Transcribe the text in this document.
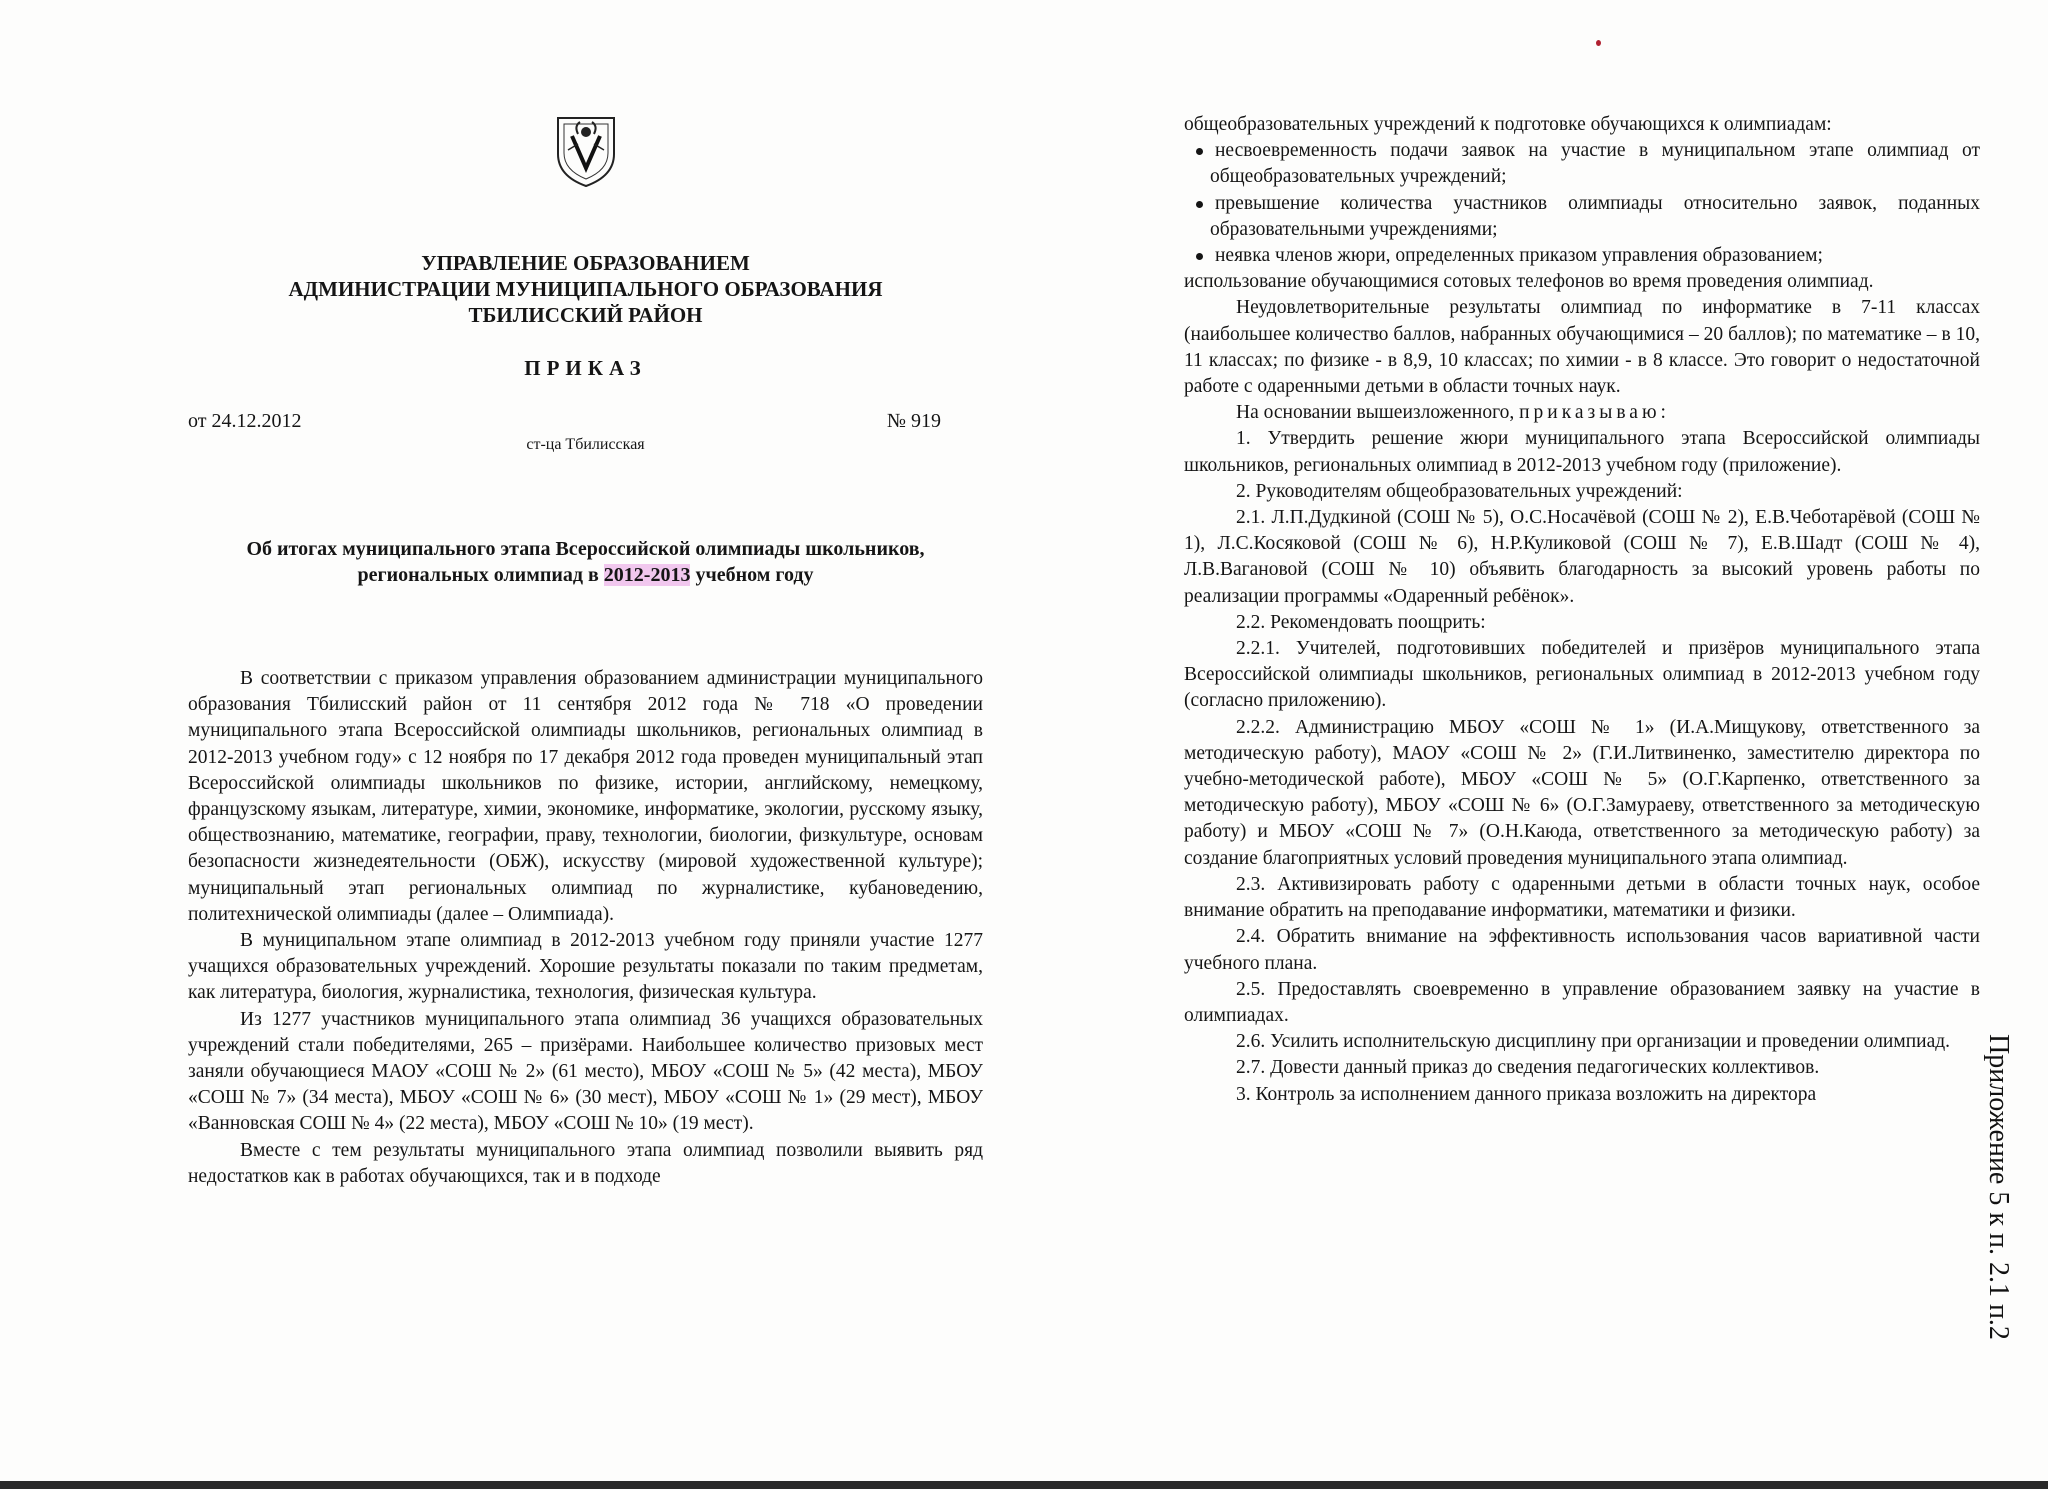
УПРАВЛЕНИЕ ОБРАЗОВАНИЕМ
АДМИНИСТРАЦИИ МУНИЦИПАЛЬНОГО ОБРАЗОВАНИЯ
ТБИЛИССКИЙ РАЙОН
ПРИКАЗ
от 24.12.2012	№ 919
ст-ца Тбилисская
Об итогах муниципального этапа Всероссийской олимпиады школьников,
региональных олимпиад в 2012-2013 учебном году

В соответствии с приказом управления образованием администрации муниципального образования Тбилисский район от 11 сентября 2012 года № 718 «О проведении муниципального этапа Всероссийской олимпиады школьников, региональных олимпиад в 2012-2013 учебном году» с 12 ноября по 17 декабря 2012 года проведен муниципальный этап Всероссийской олимпиады школьников по физике, истории, английскому, немецкому, французскому языкам, литературе, химии, экономике, информатике, экологии, русскому языку, обществознанию, математике, географии, праву, технологии, биологии, физкультуре, основам безопасности жизнедеятельности (ОБЖ), искусству (мировой художественной культуре); муниципальный этап региональных олимпиад по журналистике, кубановедению, политехнической олимпиады (далее – Олимпиада).

В муниципальном этапе олимпиад в 2012-2013 учебном году приняли участие 1277 учащихся образовательных учреждений. Хорошие результаты показали по таким предметам, как литература, биология, журналистика, технология, физическая культура.

Из 1277 участников муниципального этапа олимпиад 36 учащихся образовательных учреждений стали победителями, 265 – призёрами. Наибольшее количество призовых мест заняли обучающиеся МАОУ «СОШ № 2» (61 место), МБОУ «СОШ № 5» (42 места), МБОУ «СОШ № 7» (34 места), МБОУ «СОШ № 6» (30 мест), МБОУ «СОШ № 1» (29 мест), МБОУ «Ванновская СОШ № 4» (22 места), МБОУ «СОШ № 10» (19 мест).

Вместе с тем результаты муниципального этапа олимпиад позволили выявить ряд недостатков как в работах обучающихся, так и в подходе

общеобразовательных учреждений к подготовке обучающихся к олимпиадам:

несвоевременность подачи заявок на участие в муниципальном этапе олимпиад от общеобразовательных учреждений;

превышение количества участников олимпиады относительно заявок, поданных образовательными учреждениями;

неявка членов жюри, определенных приказом управления образованием;

использование обучающимися сотовых телефонов во время проведения олимпиад.

Неудовлетворительные результаты олимпиад по информатике в 7-11 классах (наибольшее количество баллов, набранных обучающимися – 20 баллов); по математике – в 10, 11 классах; по физике - в 8,9, 10 классах; по химии - в 8 классе. Это говорит о недостаточной работе с одаренными детьми в области точных наук.

На основании вышеизложенного, приказываю:

1. Утвердить решение жюри муниципального этапа Всероссийской олимпиады школьников, региональных олимпиад в 2012-2013 учебном году (приложение).

2. Руководителям общеобразовательных учреждений:

2.1. Л.П.Дудкиной (СОШ № 5), О.С.Носачёвой (СОШ № 2), Е.В.Чеботарёвой (СОШ № 1), Л.С.Косяковой (СОШ № 6), Н.Р.Куликовой (СОШ № 7), Е.В.Шадт (СОШ № 4), Л.В.Вагановой (СОШ № 10) объявить благодарность за высокий уровень работы по реализации программы «Одаренный ребёнок».

2.2. Рекомендовать поощрить:

2.2.1. Учителей, подготовивших победителей и призёров муниципального этапа Всероссийской олимпиады школьников, региональных олимпиад в 2012-2013 учебном году (согласно приложению).

2.2.2. Администрацию МБОУ «СОШ № 1» (И.А.Мищукову, ответственного за методическую работу), МАОУ «СОШ № 2» (Г.И.Литвиненко, заместителю директора по учебно-методической работе), МБОУ «СОШ № 5» (О.Г.Карпенко, ответственного за методическую работу), МБОУ «СОШ № 6» (О.Г.Замураеву, ответственного за методическую работу) и МБОУ «СОШ № 7» (О.Н.Каюда, ответственного за методическую работу) за создание благоприятных условий проведения муниципального этапа олимпиад.

2.3. Активизировать работу с одаренными детьми в области точных наук, особое внимание обратить на преподавание информатики, математики и физики.

2.4. Обратить внимание на эффективность использования часов вариативной части учебного плана.

2.5. Предоставлять своевременно в управление образованием заявку на участие в олимпиадах.

2.6. Усилить исполнительскую дисциплину при организации и проведении олимпиад.

2.7. Довести данный приказ до сведения педагогических коллективов.

3. Контроль за исполнением данного приказа возложить на директора	Приложение 5 к п. 2.1 п.2
